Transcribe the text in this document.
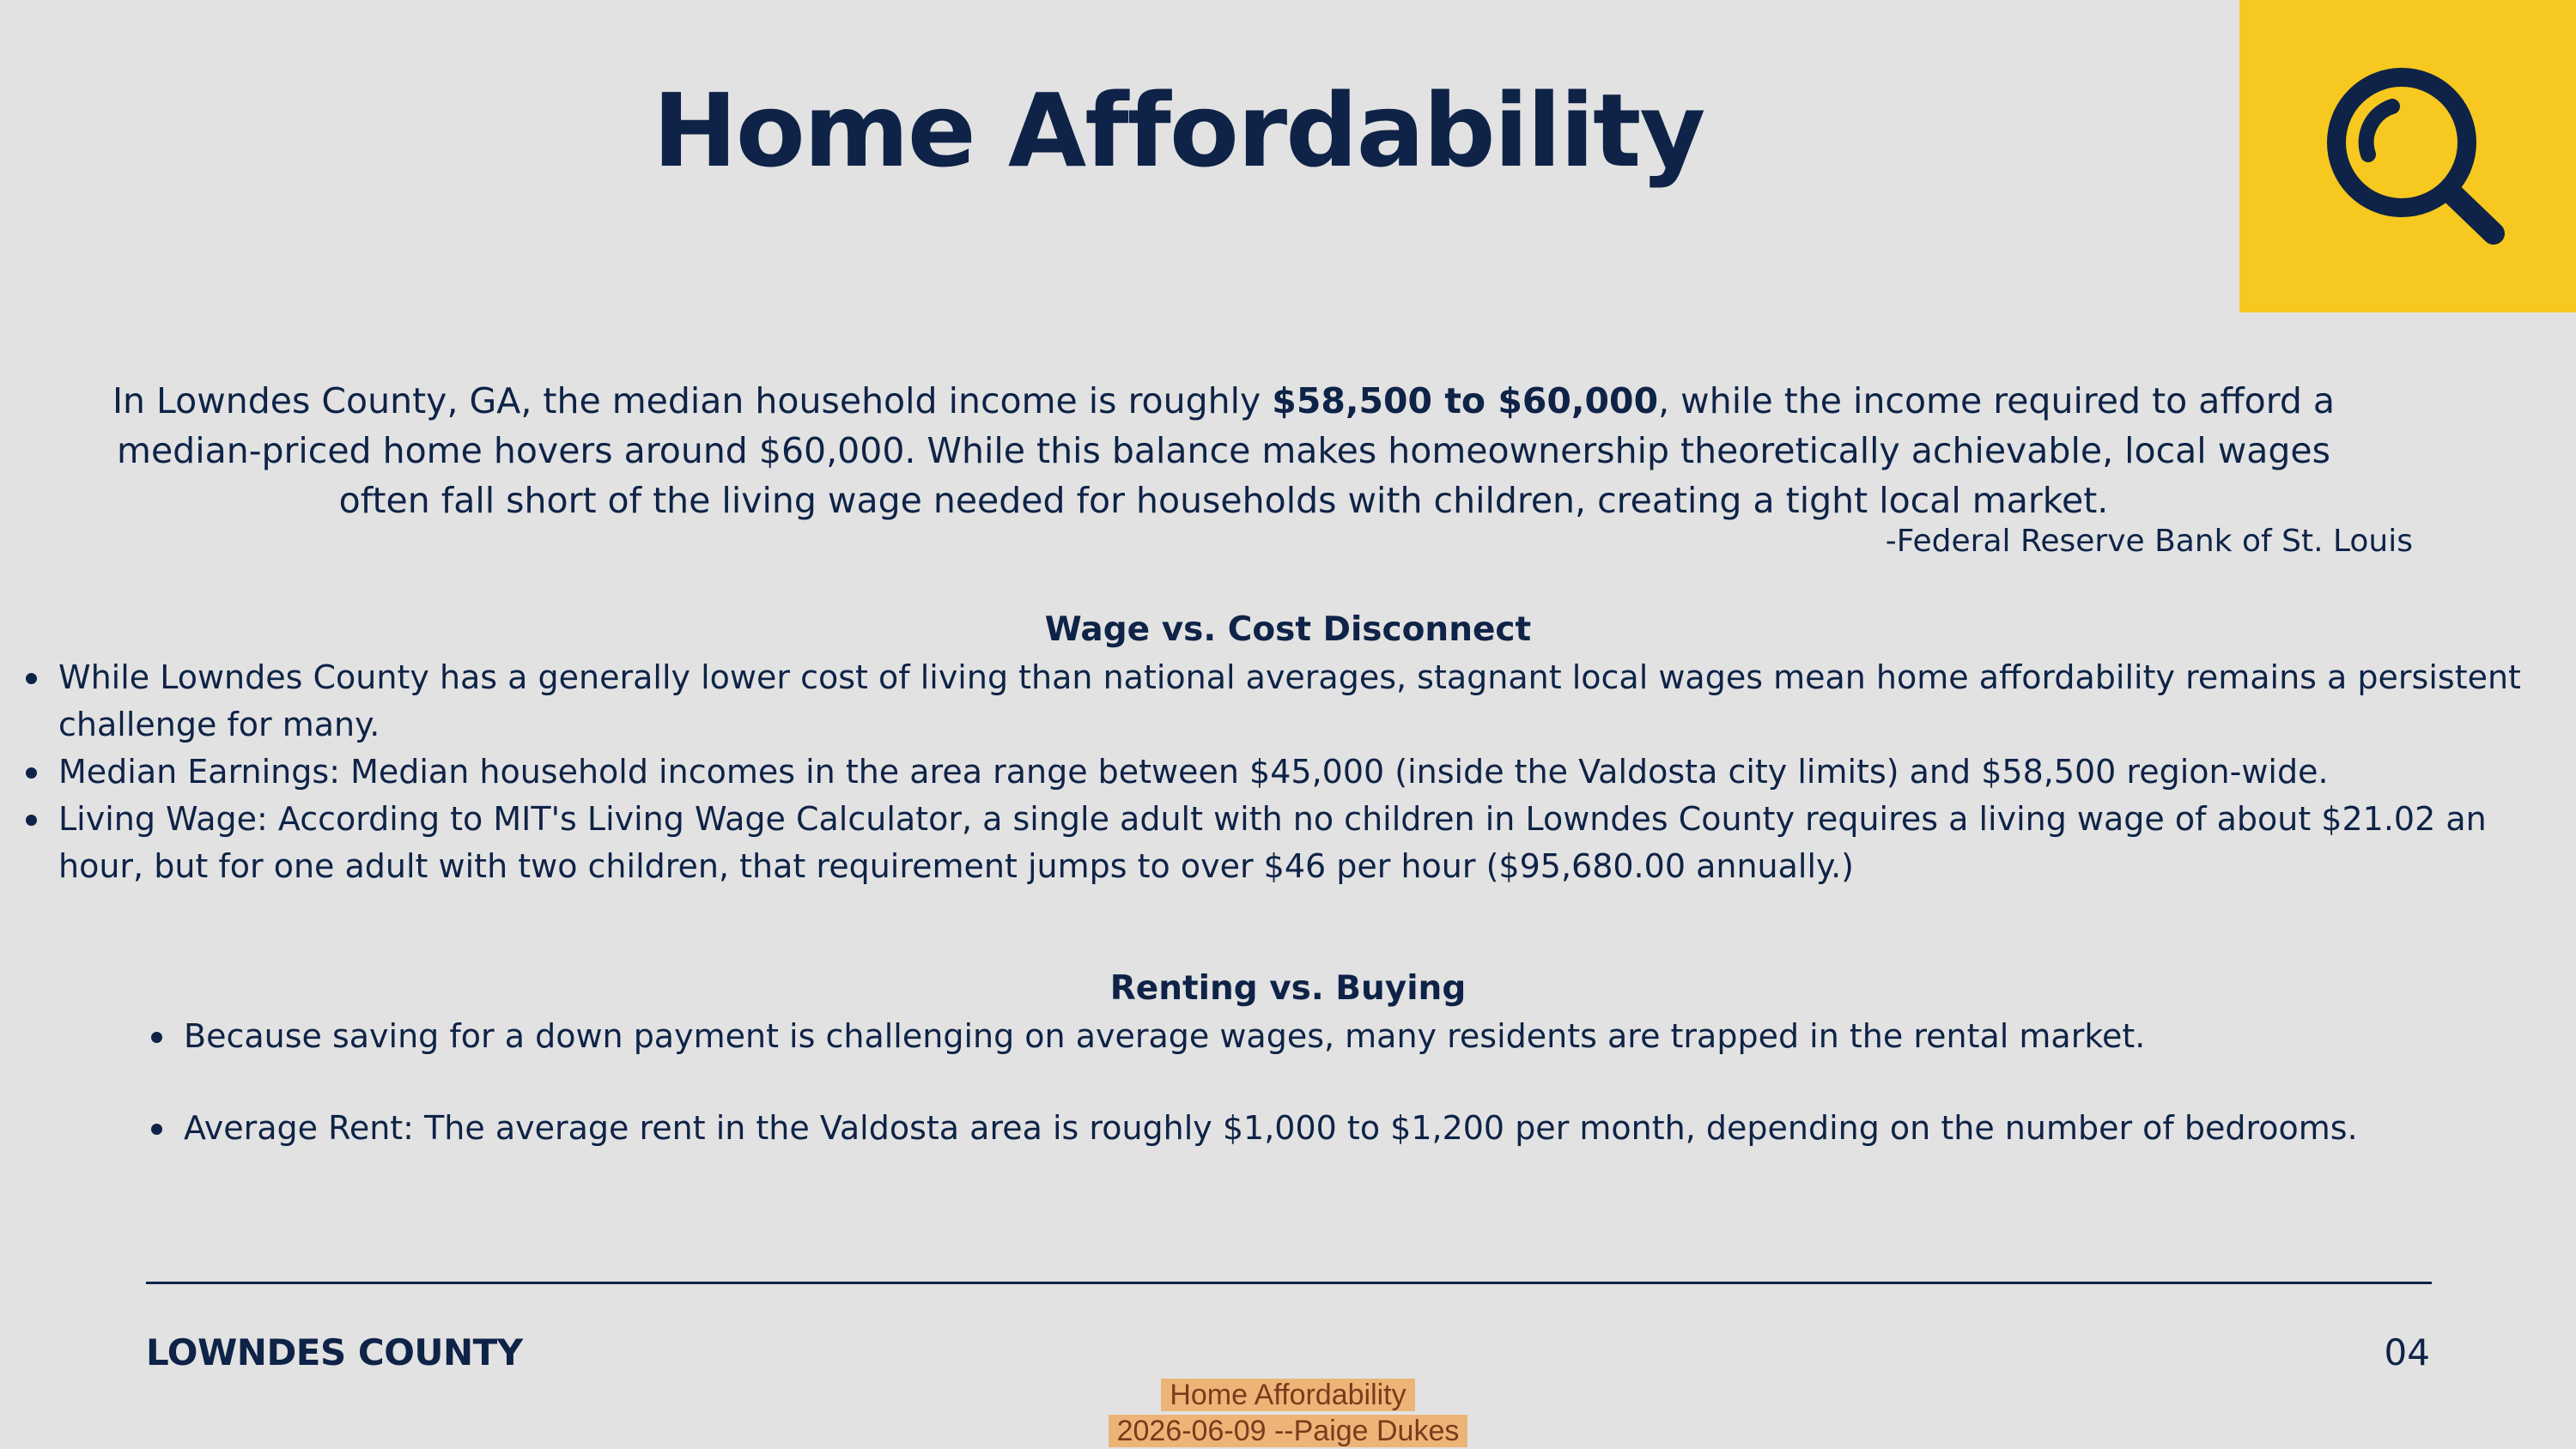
Home Affordability

In Lowndes County, GA, the median household income is roughly $58,500 to $60,000, while the income required to afford a median-priced home hovers around $60,000. While this balance makes homeownership theoretically achievable, local wages often fall short of the living wage needed for households with children, creating a tight local market.

-Federal Reserve Bank of St. Louis

Wage vs. Cost Disconnect
While Lowndes County has a generally lower cost of living than national averages, stagnant local wages mean home affordability remains a persistent challenge for many.
Median Earnings: Median household incomes in the area range between $45,000 (inside the Valdosta city limits) and $58,500 region-wide.
Living Wage: According to MIT's Living Wage Calculator, a single adult with no children in Lowndes County requires a living wage of about $21.02 an hour, but for one adult with two children, that requirement jumps to over $46 per hour ($95,680.00 annually.)
Renting vs. Buying
Because saving for a down payment is challenging on average wages, many residents are trapped in the rental market.
Average Rent: The average rent in the Valdosta area is roughly $1,000 to $1,200 per month, depending on the number of bedrooms.

LOWNDES COUNTY	04

Home Affordability
2026-06-09 --Paige Dukes
